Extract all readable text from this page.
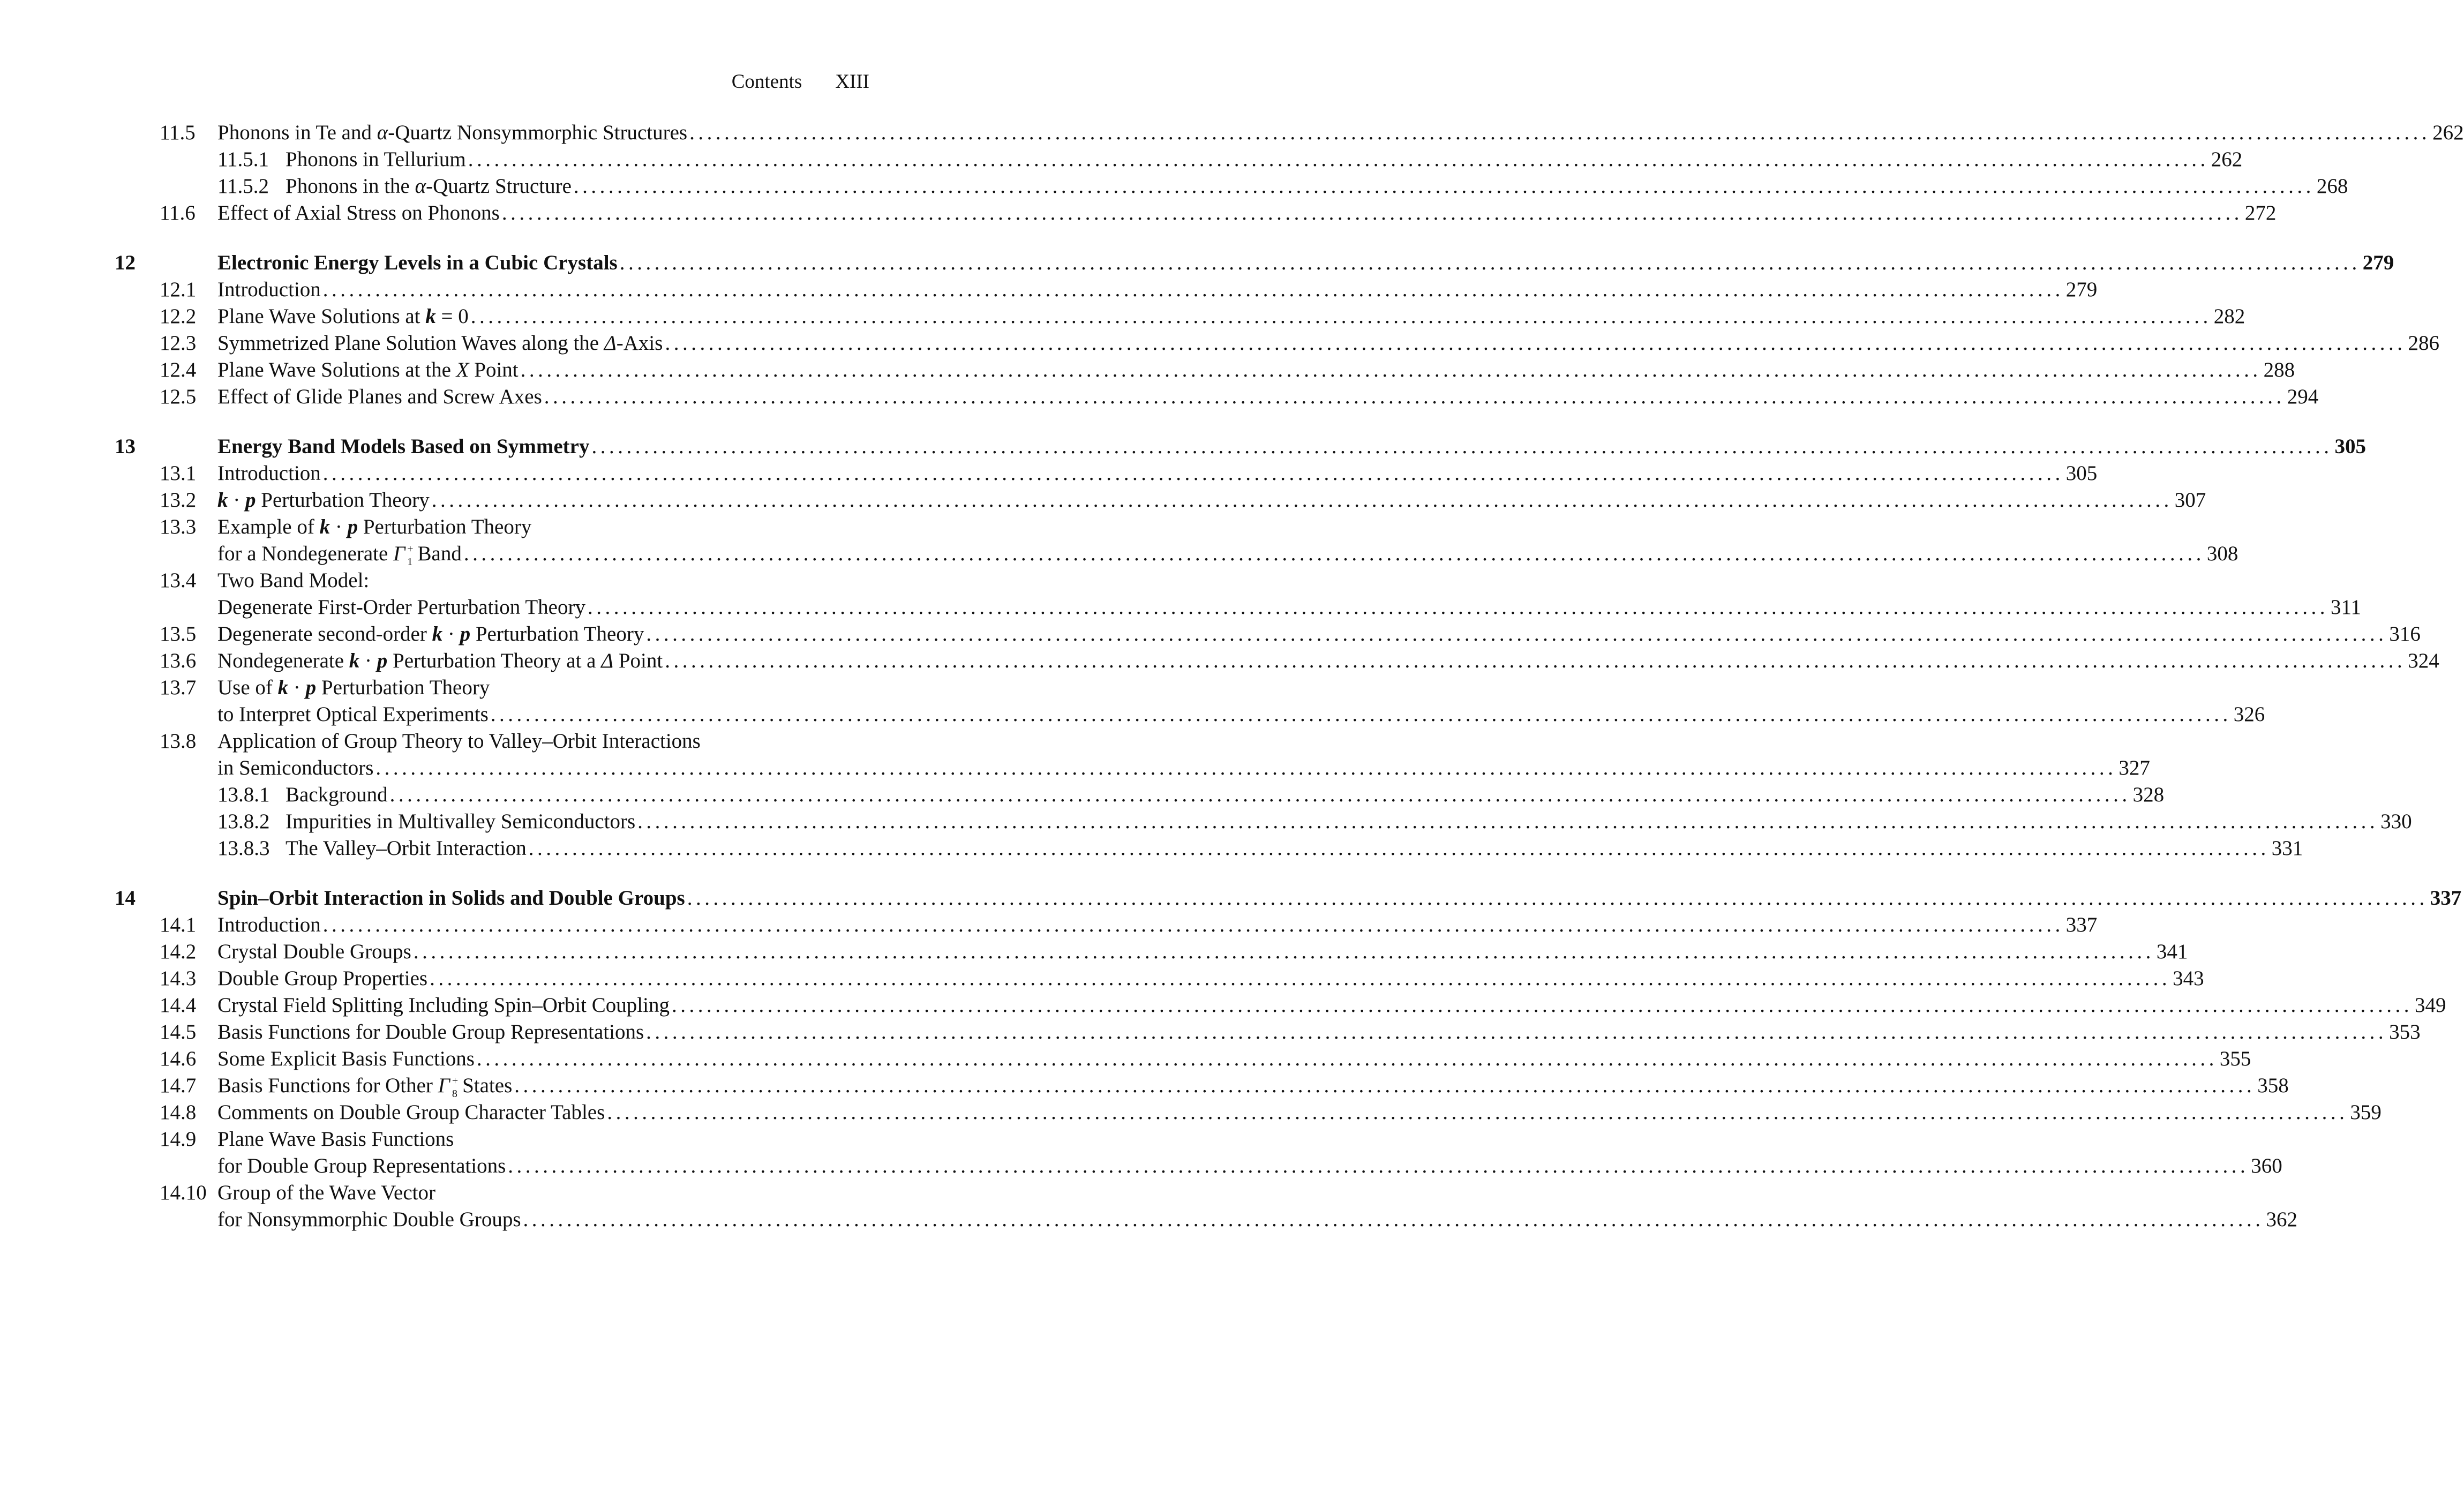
Contents XIII
11.5 Phonons in Te and α-Quartz Nonsymmorphic Structures ........................................................................................................................................................................................................ 262
11.5.1 Phonons in Tellurium ........................................................................................................................................................................................................ 262
11.5.2 Phonons in the α-Quartz Structure ........................................................................................................................................................................................................ 268
11.6 Effect of Axial Stress on Phonons ........................................................................................................................................................................................................ 272
12	Electronic Energy Levels in a Cubic Crystals ........................................................................................................................................................................................................ 279
12.1 Introduction ........................................................................................................................................................................................................ 279
12.2 Plane Wave Solutions at k = 0 ........................................................................................................................................................................................................ 282
12.3 Symmetrized Plane Solution Waves along the Δ-Axis ........................................................................................................................................................................................................ 286
12.4 Plane Wave Solutions at the X Point ........................................................................................................................................................................................................ 288
12.5 Effect of Glide Planes and Screw Axes ........................................................................................................................................................................................................ 294
13	Energy Band Models Based on Symmetry ........................................................................................................................................................................................................ 305
13.1 Introduction ........................................................................................................................................................................................................ 305
13.2 k · p Perturbation Theory ........................................................................................................................................................................................................ 307
13.3 Example of k · p Perturbation Theory
for a Nondegenerate Γ +
1 Band ........................................................................................................................................................................................................ 308
13.4 Two Band Model:
Degenerate First-Order Perturbation Theory ........................................................................................................................................................................................................ 311
13.5 Degenerate second-order k · p Perturbation Theory ........................................................................................................................................................................................................ 316
13.6 Nondegenerate k · p Perturbation Theory at a Δ Point ........................................................................................................................................................................................................ 324
13.7 Use of k · p Perturbation Theory
to Interpret Optical Experiments ........................................................................................................................................................................................................ 326
13.8 Application of Group Theory to Valley–Orbit Interactions
in Semiconductors ........................................................................................................................................................................................................ 327
13.8.1 Background ........................................................................................................................................................................................................ 328
13.8.2 Impurities in Multivalley Semiconductors ........................................................................................................................................................................................................ 330
13.8.3 The Valley–Orbit Interaction ........................................................................................................................................................................................................ 331
14	Spin–Orbit Interaction in Solids and Double Groups ........................................................................................................................................................................................................ 337
14.1 Introduction ........................................................................................................................................................................................................ 337
14.2 Crystal Double Groups ........................................................................................................................................................................................................ 341
14.3 Double Group Properties ........................................................................................................................................................................................................ 343
14.4 Crystal Field Splitting Including Spin–Orbit Coupling ........................................................................................................................................................................................................ 349
14.5 Basis Functions for Double Group Representations ........................................................................................................................................................................................................ 353
14.6 Some Explicit Basis Functions ........................................................................................................................................................................................................ 355
14.7 Basis Functions for Other Γ +
8 States ........................................................................................................................................................................................................ 358
14.8 Comments on Double Group Character Tables ........................................................................................................................................................................................................ 359
14.9 Plane Wave Basis Functions
for Double Group Representations ........................................................................................................................................................................................................ 360
14.10 Group of the Wave Vector
for Nonsymmorphic Double Groups ........................................................................................................................................................................................................ 362
